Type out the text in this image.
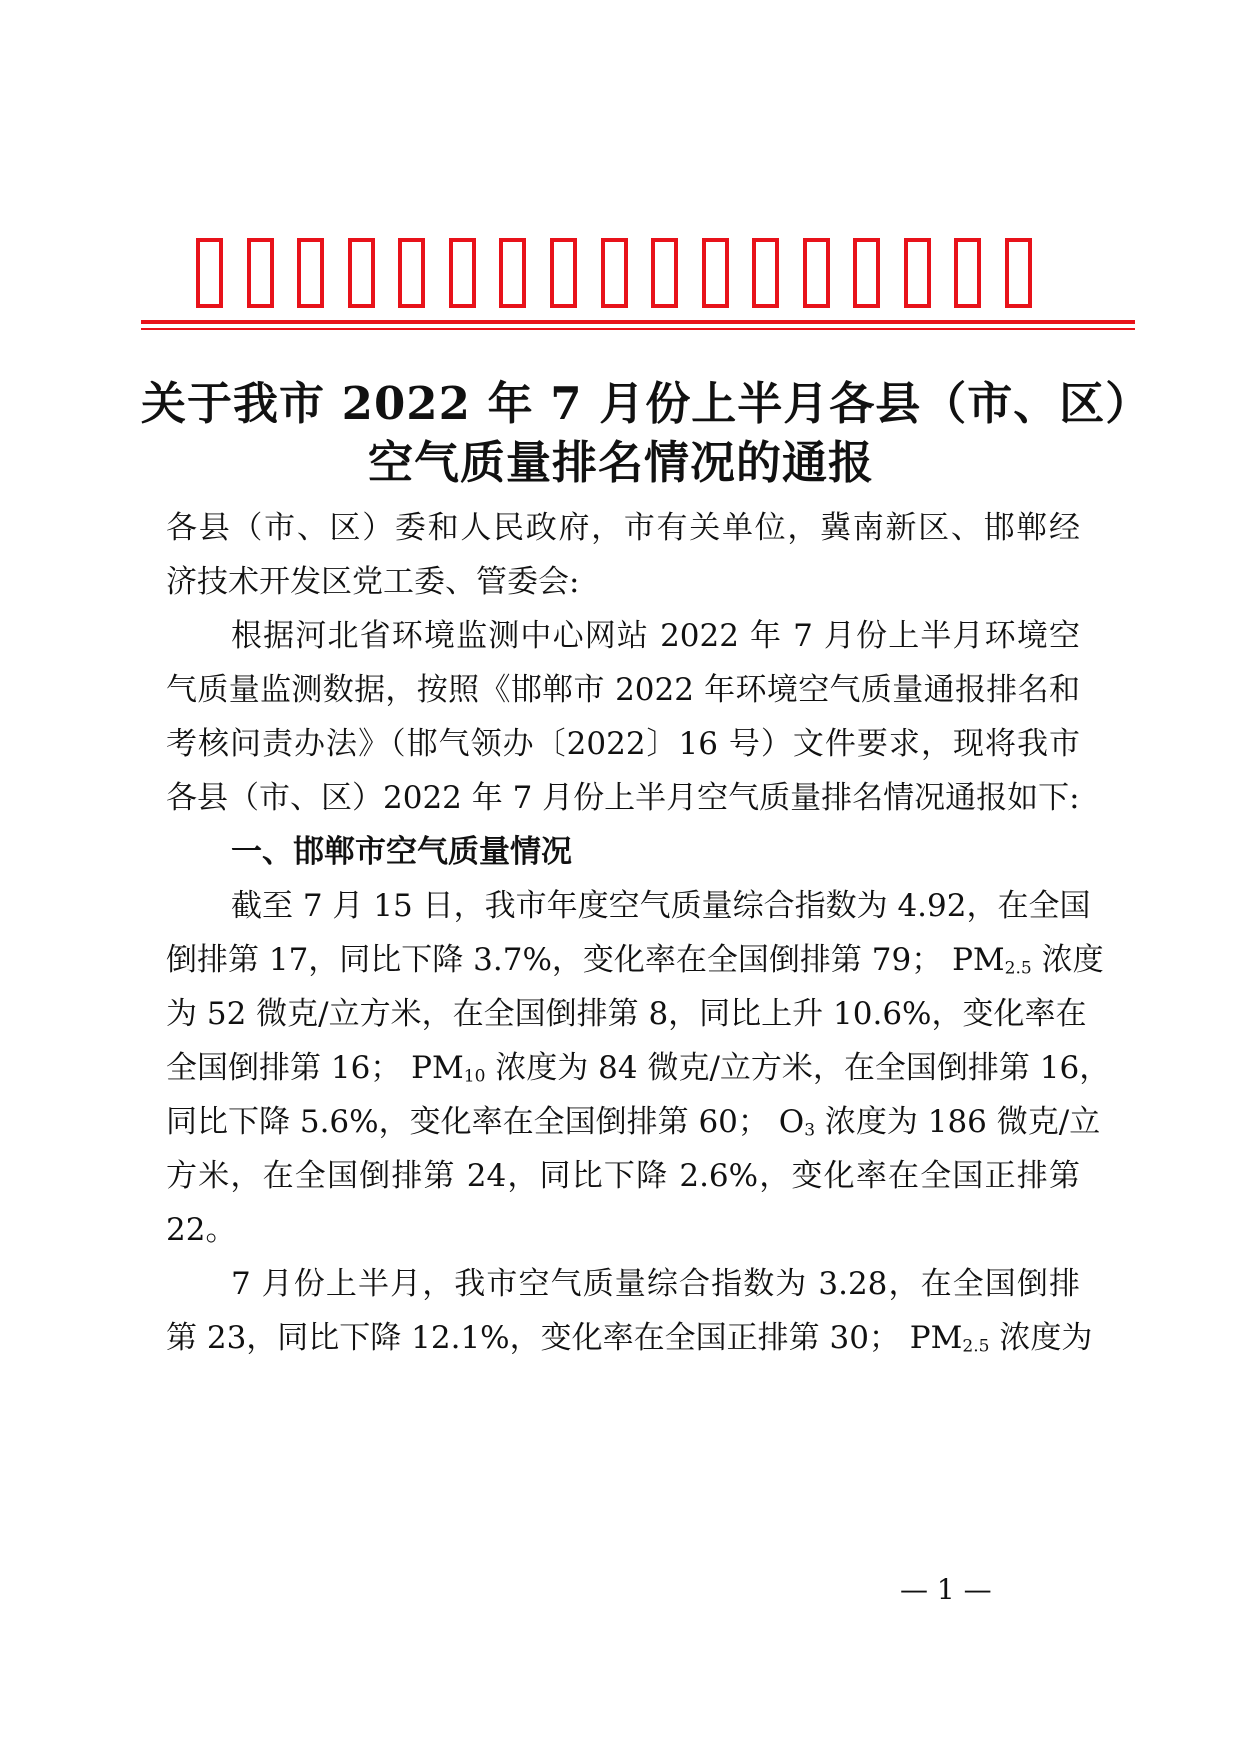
关于我市 2022 年 7 月份上半月各县（市、区）
空气质量排名情况的通报
各县（市、区）委和人民政府，市有关单位，冀南新区、邯郸经
济技术开发区党工委、管委会:
根据河北省环境监测中心网站 2022 年 7 月份上半月环境空
气质量监测数据，按照《邯郸市 2022 年环境空气质量通报排名和
考核问责办法》（邯气领办〔2022〕16 号）文件要求，现将我市
各县（市、区）2022 年 7 月份上半月空气质量排名情况通报如下:
一、邯郸市空气质量情况
截至 7 月 15 日，我市年度空气质量综合指数为 4.92，在全国
倒排第 17，同比下降 3.7%，变化率在全国倒排第 79； $PM_{2.5}$ 浓度
为 52 微克/立方米，在全国倒排第 8，同比上升 10.6%，变化率在
全国倒排第 16； $PM_{10}$ 浓度为 84 微克/立方米，在全国倒排第 16，
同比下降 5.6%，变化率在全国倒排第 60； $O_3$ 浓度为 186 微克/立
方米，在全国倒排第 24，同比下降 2.6%，变化率在全国正排第
22。
7 月份上半月，我市空气质量综合指数为 3.28，在全国倒排
第 23，同比下降 12.1%，变化率在全国正排第 30； $PM_{2.5}$ 浓度为
— 1 —
